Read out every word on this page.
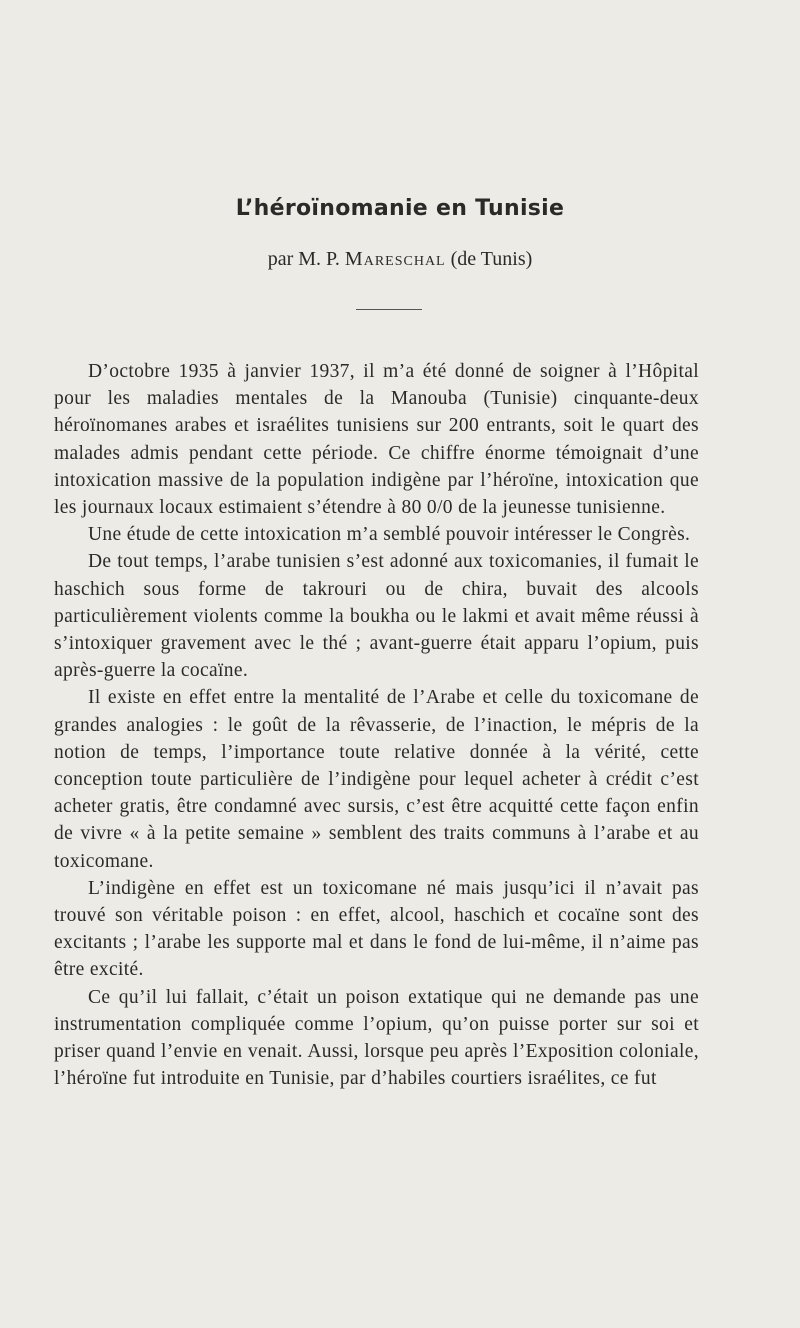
L’héroïnomanie en Tunisie

par M. P. Mareschal (de Tunis)

D’octobre 1935 à janvier 1937, il m’a été donné de soigner à l’Hôpital pour les maladies mentales de la Manouba (Tunisie) cinquante-deux héroïnomanes arabes et israélites tunisiens sur 200 entrants, soit le quart des malades admis pendant cette période. Ce chiffre énorme témoignait d’une intoxication massive de la population indigène par l’héroïne, intoxication que les journaux locaux estimaient s’étendre à 80 0/0 de la jeunesse tunisienne.

Une étude de cette intoxication m’a semblé pouvoir intéresser le Congrès.

De tout temps, l’arabe tunisien s’est adonné aux toxicomanies, il fumait le haschich sous forme de takrouri ou de chira, buvait des alcools particulièrement violents comme la boukha ou le lakmi et avait même réussi à s’intoxiquer gravement avec le thé ; avant-guerre était apparu l’opium, puis après-guerre la cocaïne.

Il existe en effet entre la mentalité de l’Arabe et celle du toxicomane de grandes analogies : le goût de la rêvasserie, de l’inaction, le mépris de la notion de temps, l’importance toute relative donnée à la vérité, cette conception toute particulière de l’indigène pour lequel acheter à crédit c’est acheter gratis, être condamné avec sursis, c’est être acquitté cette façon enfin de vivre « à la petite semaine » semblent des traits communs à l’arabe et au toxicomane.

L’indigène en effet est un toxicomane né mais jusqu’ici il n’avait pas trouvé son véritable poison : en effet, alcool, haschich et cocaïne sont des excitants ; l’arabe les supporte mal et dans le fond de lui-même, il n’aime pas être excité.

Ce qu’il lui fallait, c’était un poison extatique qui ne demande pas une instrumentation compliquée comme l’opium, qu’on puisse porter sur soi et priser quand l’envie en venait. Aussi, lorsque peu après l’Exposition coloniale, l’héroïne fut introduite en Tunisie, par d’habiles courtiers israélites, ce fut
